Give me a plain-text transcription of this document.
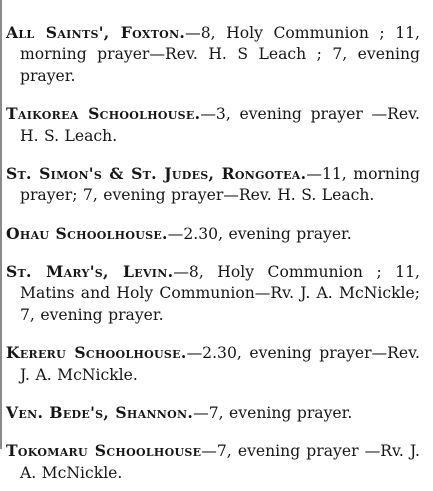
All Saints', Foxton.—8, Holy Communion ; 11, morning prayer—Rev. H. S Leach ; 7, evening prayer.

Taikorea Schoolhouse.—3, evening prayer —Rev. H. S. Leach.

St. Simon's & St. Judes, Rongotea.—11, morning prayer; 7, evening prayer—Rev. H. S. Leach.

Ohau Schoolhouse.—2.30, evening prayer.

St. Mary's, Levin.—8, Holy Communion ; 11, Matins and Holy Communion—Rv. J. A. McNickle; 7, evening prayer.

Kereru Schoolhouse.—2.30, evening prayer—Rev. J. A. McNickle.

Ven. Bede's, Shannon.—7, evening prayer.

Tokomaru Schoolhouse—7, evening prayer —Rv. J. A. McNickle.
